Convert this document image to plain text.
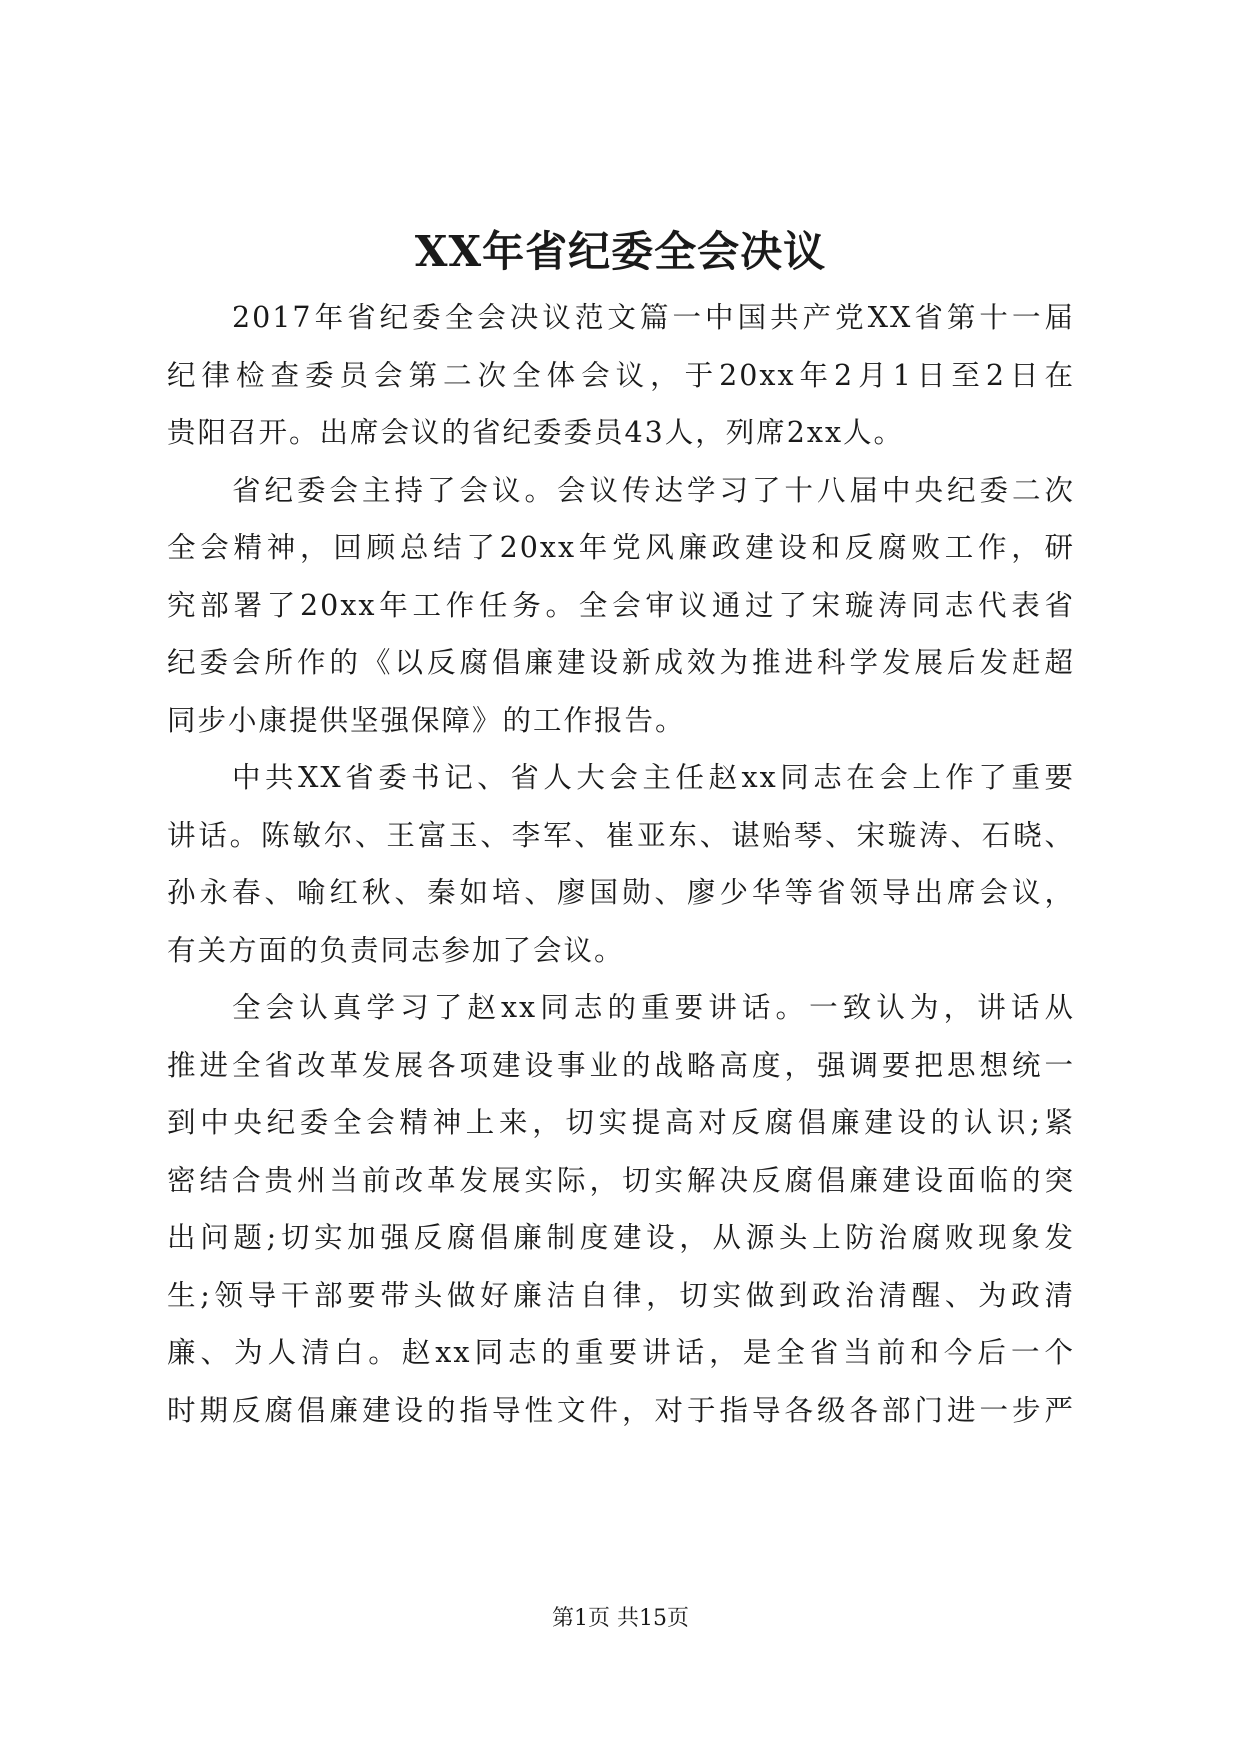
XX年省纪委全会决议
2017年省纪委全会决议范文篇一中国共产党XX省第十一届
纪律检查委员会第二次全体会议，于20xx年2月1日至2日在
贵阳召开。出席会议的省纪委委员43人，列席2xx人。
省纪委会主持了会议。会议传达学习了十八届中央纪委二次
全会精神，回顾总结了20xx年党风廉政建设和反腐败工作，研
究部署了20xx年工作任务。全会审议通过了宋璇涛同志代表省
纪委会所作的《以反腐倡廉建设新成效为推进科学发展后发赶超
同步小康提供坚强保障》的工作报告。
中共XX省委书记、省人大会主任赵xx同志在会上作了重要
讲话。陈敏尔、王富玉、李军、崔亚东、谌贻琴、宋璇涛、石晓、
孙永春、喻红秋、秦如培、廖国勋、廖少华等省领导出席会议，
有关方面的负责同志参加了会议。
全会认真学习了赵xx同志的重要讲话。一致认为，讲话从
推进全省改革发展各项建设事业的战略高度，强调要把思想统一
到中央纪委全会精神上来，切实提高对反腐倡廉建设的认识;紧
密结合贵州当前改革发展实际，切实解决反腐倡廉建设面临的突
出问题;切实加强反腐倡廉制度建设，从源头上防治腐败现象发
生;领导干部要带头做好廉洁自律，切实做到政治清醒、为政清
廉、为人清白。赵xx同志的重要讲话，是全省当前和今后一个
时期反腐倡廉建设的指导性文件，对于指导各级各部门进一步严
第1页 共15页
